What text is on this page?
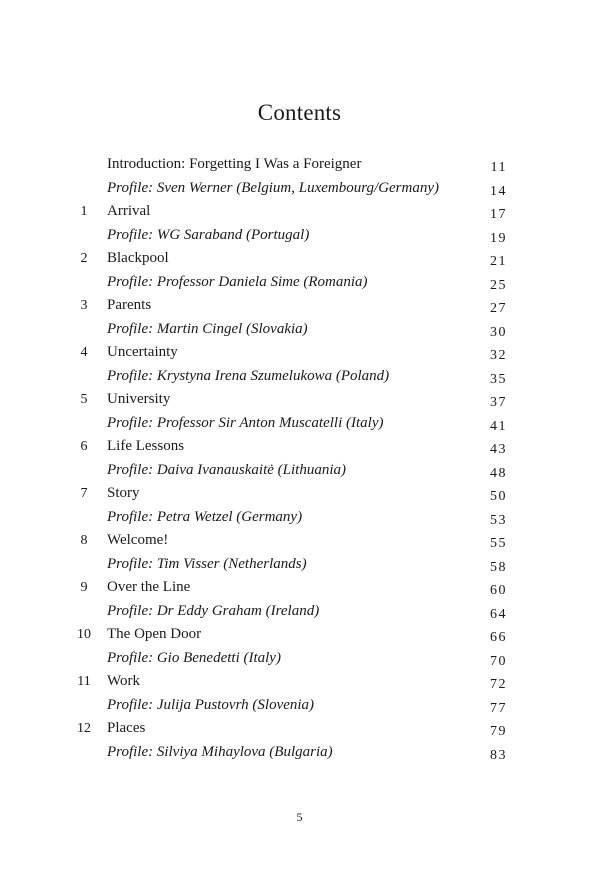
Contents
Introduction: Forgetting I Was a Foreigner	11
Profile: Sven Werner (Belgium, Luxembourg/Germany)	14
1	Arrival	17
Profile: WG Saraband (Portugal)	19
2	Blackpool	21
Profile: Professor Daniela Sime (Romania)	25
3	Parents	27
Profile: Martin Cingel (Slovakia)	30
4	Uncertainty	32
Profile: Krystyna Irena Szumelukowa (Poland)	35
5	University	37
Profile: Professor Sir Anton Muscatelli (Italy)	41
6	Life Lessons	43
Profile: Daiva Ivanauskaitė (Lithuania)	48
7	Story	50
Profile: Petra Wetzel (Germany)	53
8	Welcome!	55
Profile: Tim Visser (Netherlands)	58
9	Over the Line	60
Profile: Dr Eddy Graham (Ireland)	64
10 The Open Door	66
Profile: Gio Benedetti (Italy)	70
11 Work	72
Profile: Julija Pustovrh (Slovenia)	77
12 Places	79
Profile: Silviya Mihaylova (Bulgaria)	83
5
